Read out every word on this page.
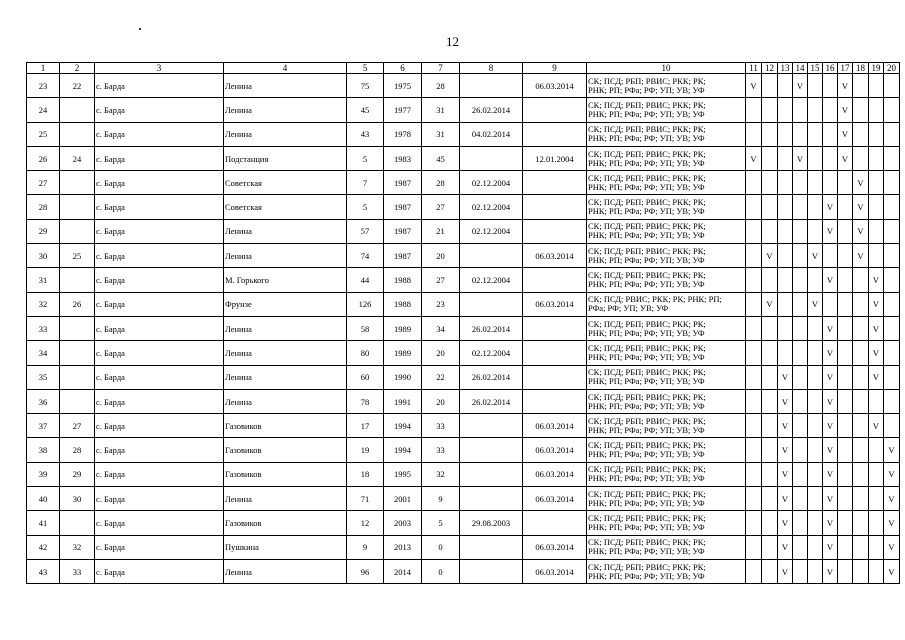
12
1	2	3	4	5	6	7	8	9	10	11	12	13	14	15	16	17	18	19	20
23	22	с. Барда	Ленина	75	1975	28		06.03.2014	СК; ПСД; РБП; РВИС; РКК; РК;
РНК; РП; РФа; РФ; УП; УВ; УФ	V			V			V			
24		с. Барда	Ленина	45	1977	31	26.02.2014		СК; ПСД; РБП; РВИС; РКК; РК;
РНК; РП; РФа; РФ; УП; УВ; УФ							V			
25		с. Барда	Ленина	43	1978	31	04.02.2014		СК; ПСД; РБП; РВИС; РКК; РК;
РНК; РП; РФа; РФ; УП; УВ; УФ							V			
26	24	с. Барда	Подстанция	5	1983	45		12.01.2004	СК; ПСД; РБП; РВИС; РКК; РК;
РНК; РП; РФа; РФ; УП; УВ; УФ	V			V			V			
27		с. Барда	Советская	7	1987	28	02.12.2004		СК; ПСД; РБП; РВИС; РКК; РК;
РНК; РП; РФа; РФ; УП; УВ; УФ								V		
28		с. Барда	Советская	5	1987	27	02.12.2004		СК; ПСД; РБП; РВИС; РКК; РК;
РНК; РП; РФа; РФ; УП; УВ; УФ						V		V		
29		с. Барда	Ленина	57	1987	21	02.12.2004		СК; ПСД; РБП; РВИС; РКК; РК;
РНК; РП; РФа; РФ; УП; УВ; УФ						V		V		
30	25	с. Барда	Ленина	74	1987	20		06.03.2014	СК; ПСД; РБП; РВИС; РКК; РК;
РНК; РП; РФа; РФ; УП; УВ; УФ		V			V			V		
31		с. Барда	М. Горького	44	1988	27	02.12.2004		СК; ПСД; РБП; РВИС; РКК; РК;
РНК; РП; РФа; РФ; УП; УВ; УФ						V			V	
32	26	с. Барда	Фрунзе	126	1988	23		06.03.2014	СК; ПСД; РВИС; РКК; РК; РНК; РП;
РФа; РФ; УП; УВ; УФ		V			V				V	
33		с. Барда	Ленина	58	1989	34	26.02.2014		СК; ПСД; РБП; РВИС; РКК; РК;
РНК; РП; РФа; РФ; УП; УВ; УФ						V			V	
34		с. Барда	Ленина	80	1989	20	02.12.2004		СК; ПСД; РБП; РВИС; РКК; РК;
РНК; РП; РФа; РФ; УП; УВ; УФ						V			V	
35		с. Барда	Ленина	60	1990	22	26.02.2014		СК; ПСД; РБП; РВИС; РКК; РК;
РНК; РП; РФа; РФ; УП; УВ; УФ			V			V			V	
36		с. Барда	Ленина	78	1991	20	26.02.2014		СК; ПСД; РБП; РВИС; РКК; РК;
РНК; РП; РФа; РФ; УП; УВ; УФ			V			V				
37	27	с. Барда	Газовиков	17	1994	33		06.03.2014	СК; ПСД; РБП; РВИС; РКК; РК;
РНК; РП; РФа; РФ; УП; УВ; УФ			V			V			V	
38	28	с. Барда	Газовиков	19	1994	33		06.03.2014	СК; ПСД; РБП; РВИС; РКК; РК;
РНК; РП; РФа; РФ; УП; УВ; УФ			V			V				V
39	29	с. Барда	Газовиков	18	1995	32		06.03.2014	СК; ПСД; РБП; РВИС; РКК; РК;
РНК; РП; РФа; РФ; УП; УВ; УФ			V			V				V
40	30	с. Барда	Ленина	71	2001	9		06.03.2014	СК; ПСД; РБП; РВИС; РКК; РК;
РНК; РП; РФа; РФ; УП; УВ; УФ			V			V				V
41		с. Барда	Газовиков	12	2003	5	29.08.2003		СК; ПСД; РБП; РВИС; РКК; РК;
РНК; РП; РФа; РФ; УП; УВ; УФ			V			V				V
42	32	с. Барда	Пушкина	9	2013	0		06.03.2014	СК; ПСД; РБП; РВИС; РКК; РК;
РНК; РП; РФа; РФ; УП; УВ; УФ			V			V				V
43	33	с. Барда	Ленина	96	2014	0		06.03.2014	СК; ПСД; РБП; РВИС; РКК; РК;
РНК; РП; РФа; РФ; УП; УВ; УФ			V			V				V
